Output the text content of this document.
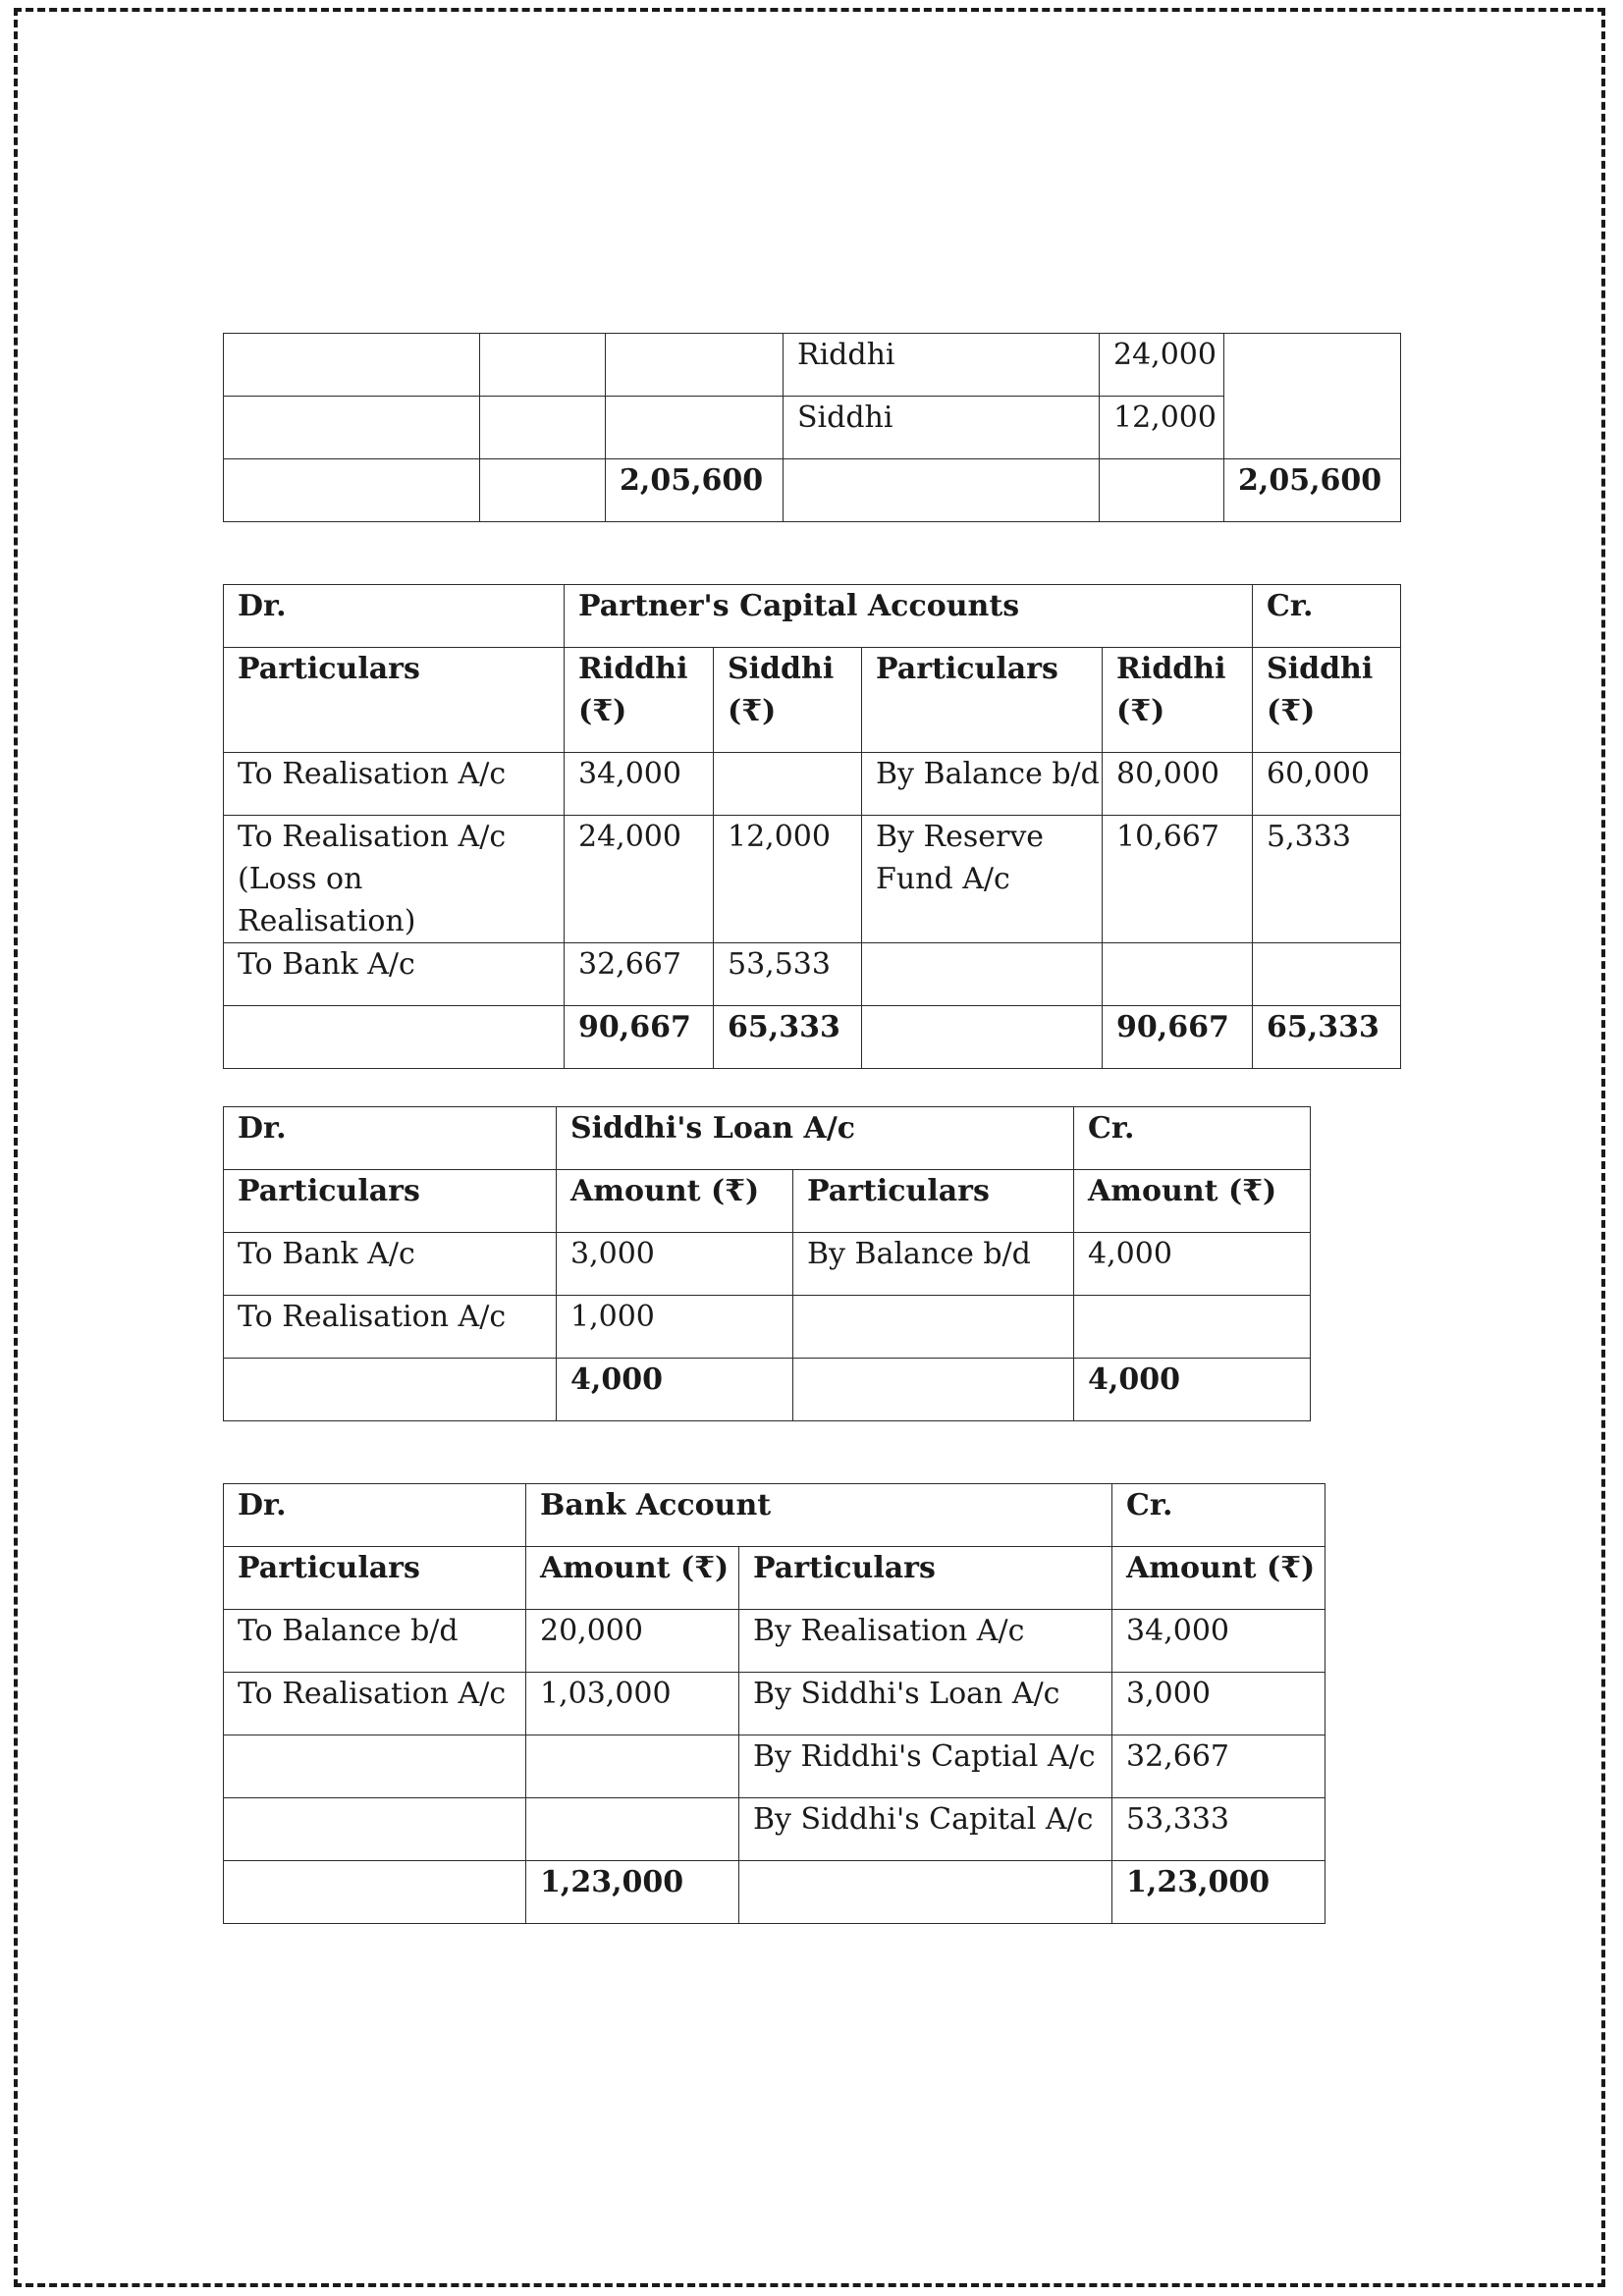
			Riddhi	24,000	
			Siddhi	12,000	
		2,05,600			2,05,600
Dr.	Partner's Capital Accounts				Cr.
Particulars	Riddhi (₹)	Siddhi (₹)	Particulars	Riddhi (₹)	Siddhi (₹)
To Realisation A/c	34,000		By Balance b/d	80,000	60,000
To Realisation A/c (Loss on Realisation)	24,000	12,000	By Reserve Fund A/c	10,667	5,333
To Bank A/c	32,667	53,533			
	90,667	65,333		90,667	65,333
Dr.	Siddhi's Loan A/c		Cr.
Particulars	Amount (₹)	Particulars	Amount (₹)
To Bank A/c	3,000	By Balance b/d	4,000
To Realisation A/c	1,000		
	4,000		4,000
Dr.	Bank Account		Cr.
Particulars	Amount (₹)	Particulars	Amount (₹)
To Balance b/d	20,000	By Realisation A/c	34,000
To Realisation A/c	1,03,000	By Siddhi's Loan A/c	3,000
		By Riddhi's Captial A/c	32,667
		By Siddhi's Capital A/c	53,333
	1,23,000		1,23,000
